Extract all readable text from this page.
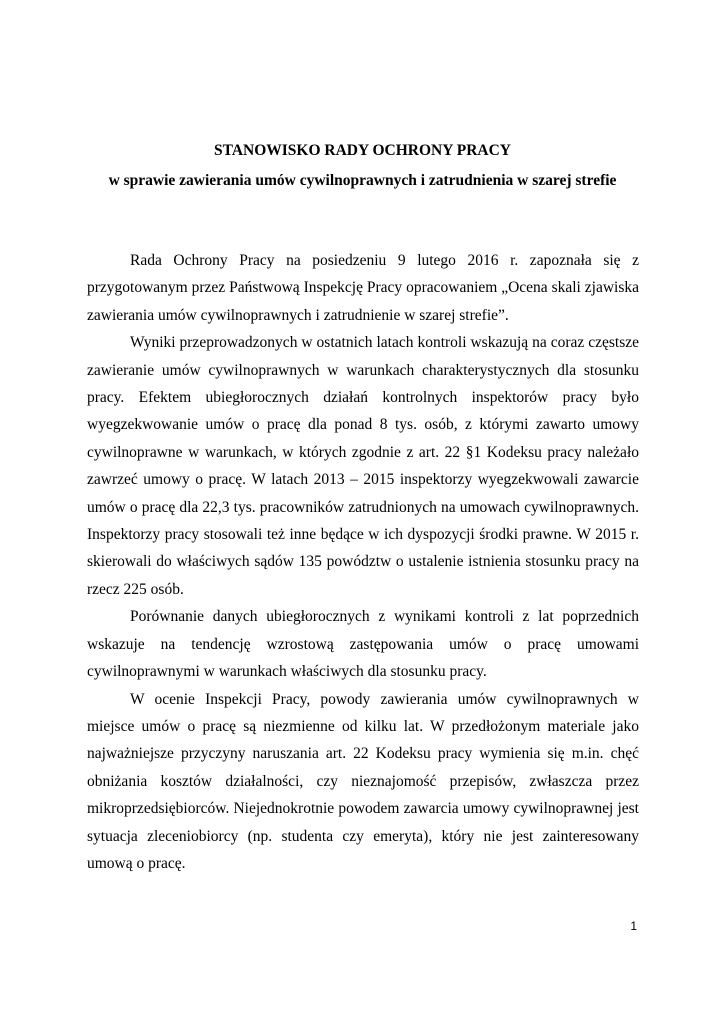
STANOWISKO RADY OCHRONY PRACY
w sprawie zawierania umów cywilnoprawnych i zatrudnienia w szarej strefie

Rada Ochrony Pracy na posiedzeniu 9 lutego 2016 r. zapoznała się z przygotowanym przez Państwową Inspekcję Pracy opracowaniem „Ocena skali zjawiska zawierania umów cywilnoprawnych i zatrudnienie w szarej strefie”.

Wyniki przeprowadzonych w ostatnich latach kontroli wskazują na coraz częstsze zawieranie umów cywilnoprawnych w warunkach charakterystycznych dla stosunku pracy. Efektem ubiegłorocznych działań kontrolnych inspektorów pracy było wyegzekwowanie umów o pracę dla ponad 8 tys. osób, z którymi zawarto umowy cywilnoprawne w warunkach, w których zgodnie z art. 22 §1 Kodeksu pracy należało zawrzeć umowy o pracę. W latach 2013 – 2015 inspektorzy wyegzekwowali zawarcie umów o pracę dla 22,3 tys. pracowników zatrudnionych na umowach cywilnoprawnych. Inspektorzy pracy stosowali też inne będące w ich dyspozycji środki prawne. W 2015 r. skierowali do właściwych sądów 135 powództw o ustalenie istnienia stosunku pracy na rzecz 225 osób.

Porównanie danych ubiegłorocznych z wynikami kontroli z lat poprzednich wskazuje na tendencję wzrostową zastępowania umów o pracę umowami cywilnoprawnymi w warunkach właściwych dla stosunku pracy.

W ocenie Inspekcji Pracy, powody zawierania umów cywilnoprawnych w miejsce umów o pracę są niezmienne od kilku lat. W przedłożonym materiale jako najważniejsze przyczyny naruszania art. 22 Kodeksu pracy wymienia się m.in. chęć obniżania kosztów działalności, czy nieznajomość przepisów, zwłaszcza przez mikroprzedsiębiorców. Niejednokrotnie powodem zawarcia umowy cywilnoprawnej jest sytuacja zleceniobiorcy (np. studenta czy emeryta), który nie jest zainteresowany umową o pracę.

1
